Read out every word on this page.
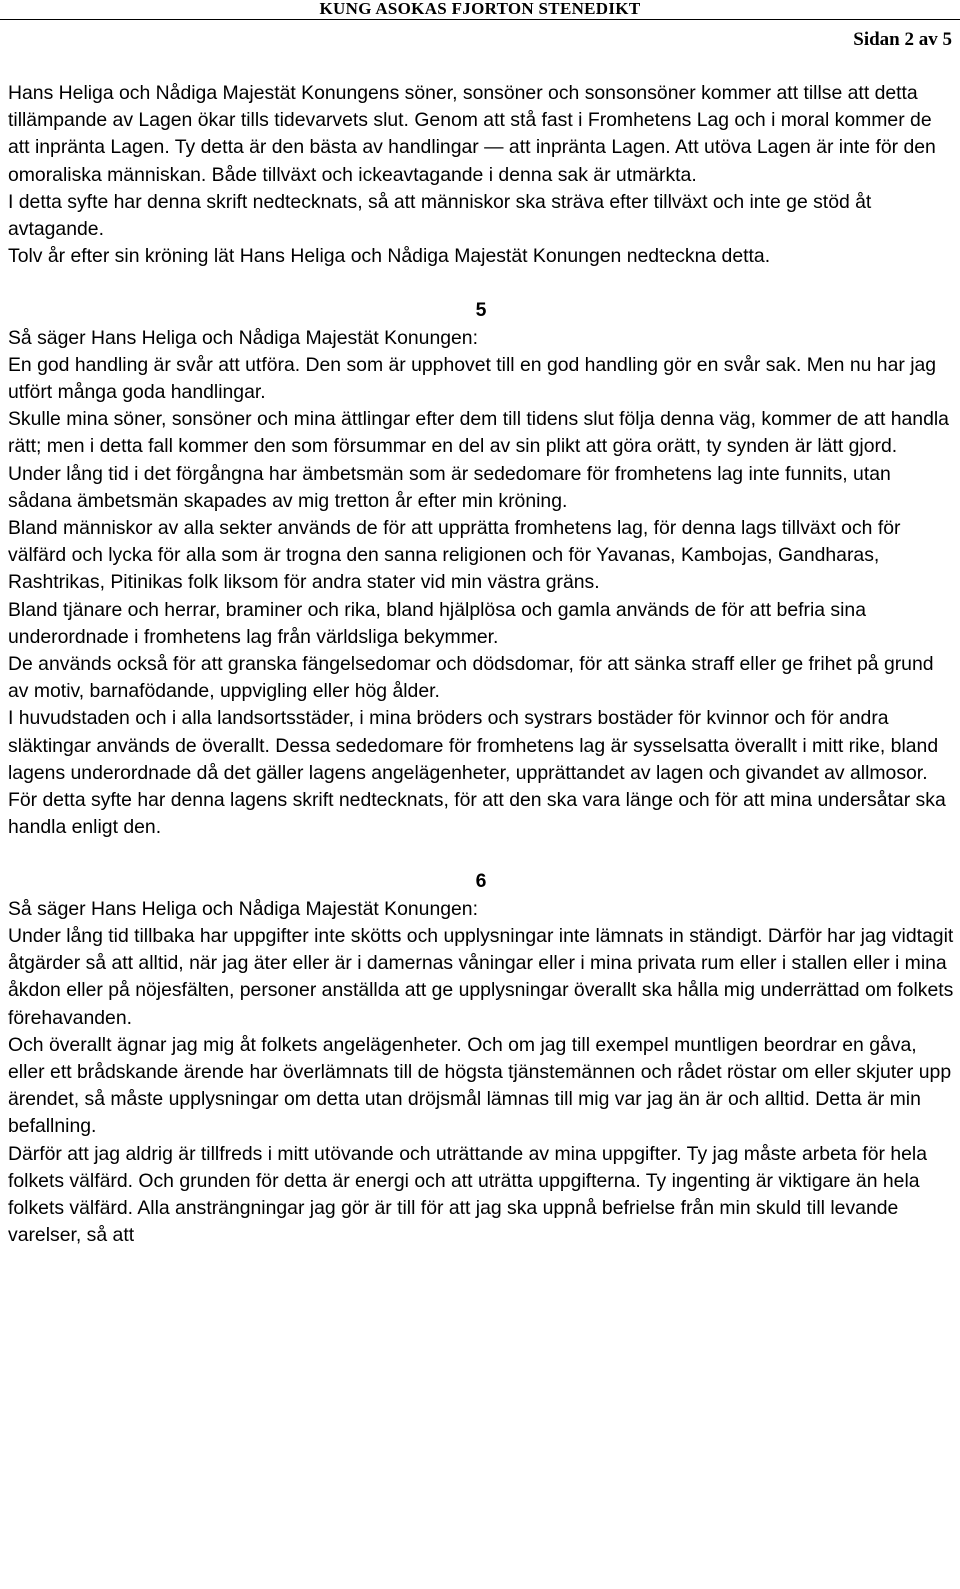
KUNG ASOKAS FJORTON STENEDIKT
Sidan 2 av 5

Hans Heliga och Nådiga Majestät Konungens söner, sonsöner och sonsonsöner kommer att tillse att detta tillämpande av Lagen ökar tills tidevarvets slut. Genom att stå fast i Fromhetens Lag och i moral kommer de att inpränta Lagen. Ty detta är den bästa av handlingar — att inpränta Lagen. Att utöva Lagen är inte för den omoraliska människan. Både tillväxt och ickeavtagande i denna sak är utmärkta.

I detta syfte har denna skrift nedtecknats, så att människor ska sträva efter tillväxt och inte ge stöd åt avtagande.

Tolv år efter sin kröning lät Hans Heliga och Nådiga Majestät Konungen nedteckna detta.

5

Så säger Hans Heliga och Nådiga Majestät Konungen:

En god handling är svår att utföra. Den som är upphovet till en god handling gör en svår sak. Men nu har jag utfört många goda handlingar.

Skulle mina söner, sonsöner och mina ättlingar efter dem till tidens slut följa denna väg, kommer de att handla rätt; men i detta fall kommer den som försummar en del av sin plikt att göra orätt, ty synden är lätt gjord.

Under lång tid i det förgångna har ämbetsmän som är sededomare för fromhetens lag inte funnits, utan sådana ämbetsmän skapades av mig tretton år efter min kröning.

Bland människor av alla sekter används de för att upprätta fromhetens lag, för denna lags tillväxt och för välfärd och lycka för alla som är trogna den sanna religionen och för Yavanas, Kambojas, Gandharas, Rashtrikas, Pitinikas folk liksom för andra stater vid min västra gräns.

Bland tjänare och herrar, braminer och rika, bland hjälplösa och gamla används de för att befria sina underordnade i fromhetens lag från världsliga bekymmer.

De används också för att granska fängelsedomar och dödsdomar, för att sänka straff eller ge frihet på grund av motiv, barnafödande, uppvigling eller hög ålder.

I huvudstaden och i alla landsortsstäder, i mina bröders och systrars bostäder för kvinnor och för andra släktingar används de överallt. Dessa sededomare för fromhetens lag är sysselsatta överallt i mitt rike, bland lagens underordnade då det gäller lagens angelägenheter, upprättandet av lagen och givandet av allmosor.

För detta syfte har denna lagens skrift nedtecknats, för att den ska vara länge och för att mina undersåtar ska handla enligt den.

6

Så säger Hans Heliga och Nådiga Majestät Konungen:

Under lång tid tillbaka har uppgifter inte skötts och upplysningar inte lämnats in ständigt. Därför har jag vidtagit åtgärder så att alltid, när jag äter eller är i damernas våningar eller i mina privata rum eller i stallen eller i mina åkdon eller på nöjesfälten, personer anställda att ge upplysningar överallt ska hålla mig underrättad om folkets förehavanden.

Och överallt ägnar jag mig åt folkets angelägenheter. Och om jag till exempel muntligen beordrar en gåva, eller ett brådskande ärende har överlämnats till de högsta tjänstemännen och rådet röstar om eller skjuter upp ärendet, så måste upplysningar om detta utan dröjsmål lämnas till mig var jag än är och alltid. Detta är min befallning.

Därför att jag aldrig är tillfreds i mitt utövande och uträttande av mina uppgifter. Ty jag måste arbeta för hela folkets välfärd. Och grunden för detta är energi och att uträtta uppgifterna. Ty ingenting är viktigare än hela folkets välfärd. Alla ansträngningar jag gör är till för att jag ska uppnå befrielse från min skuld till levande varelser, så att
